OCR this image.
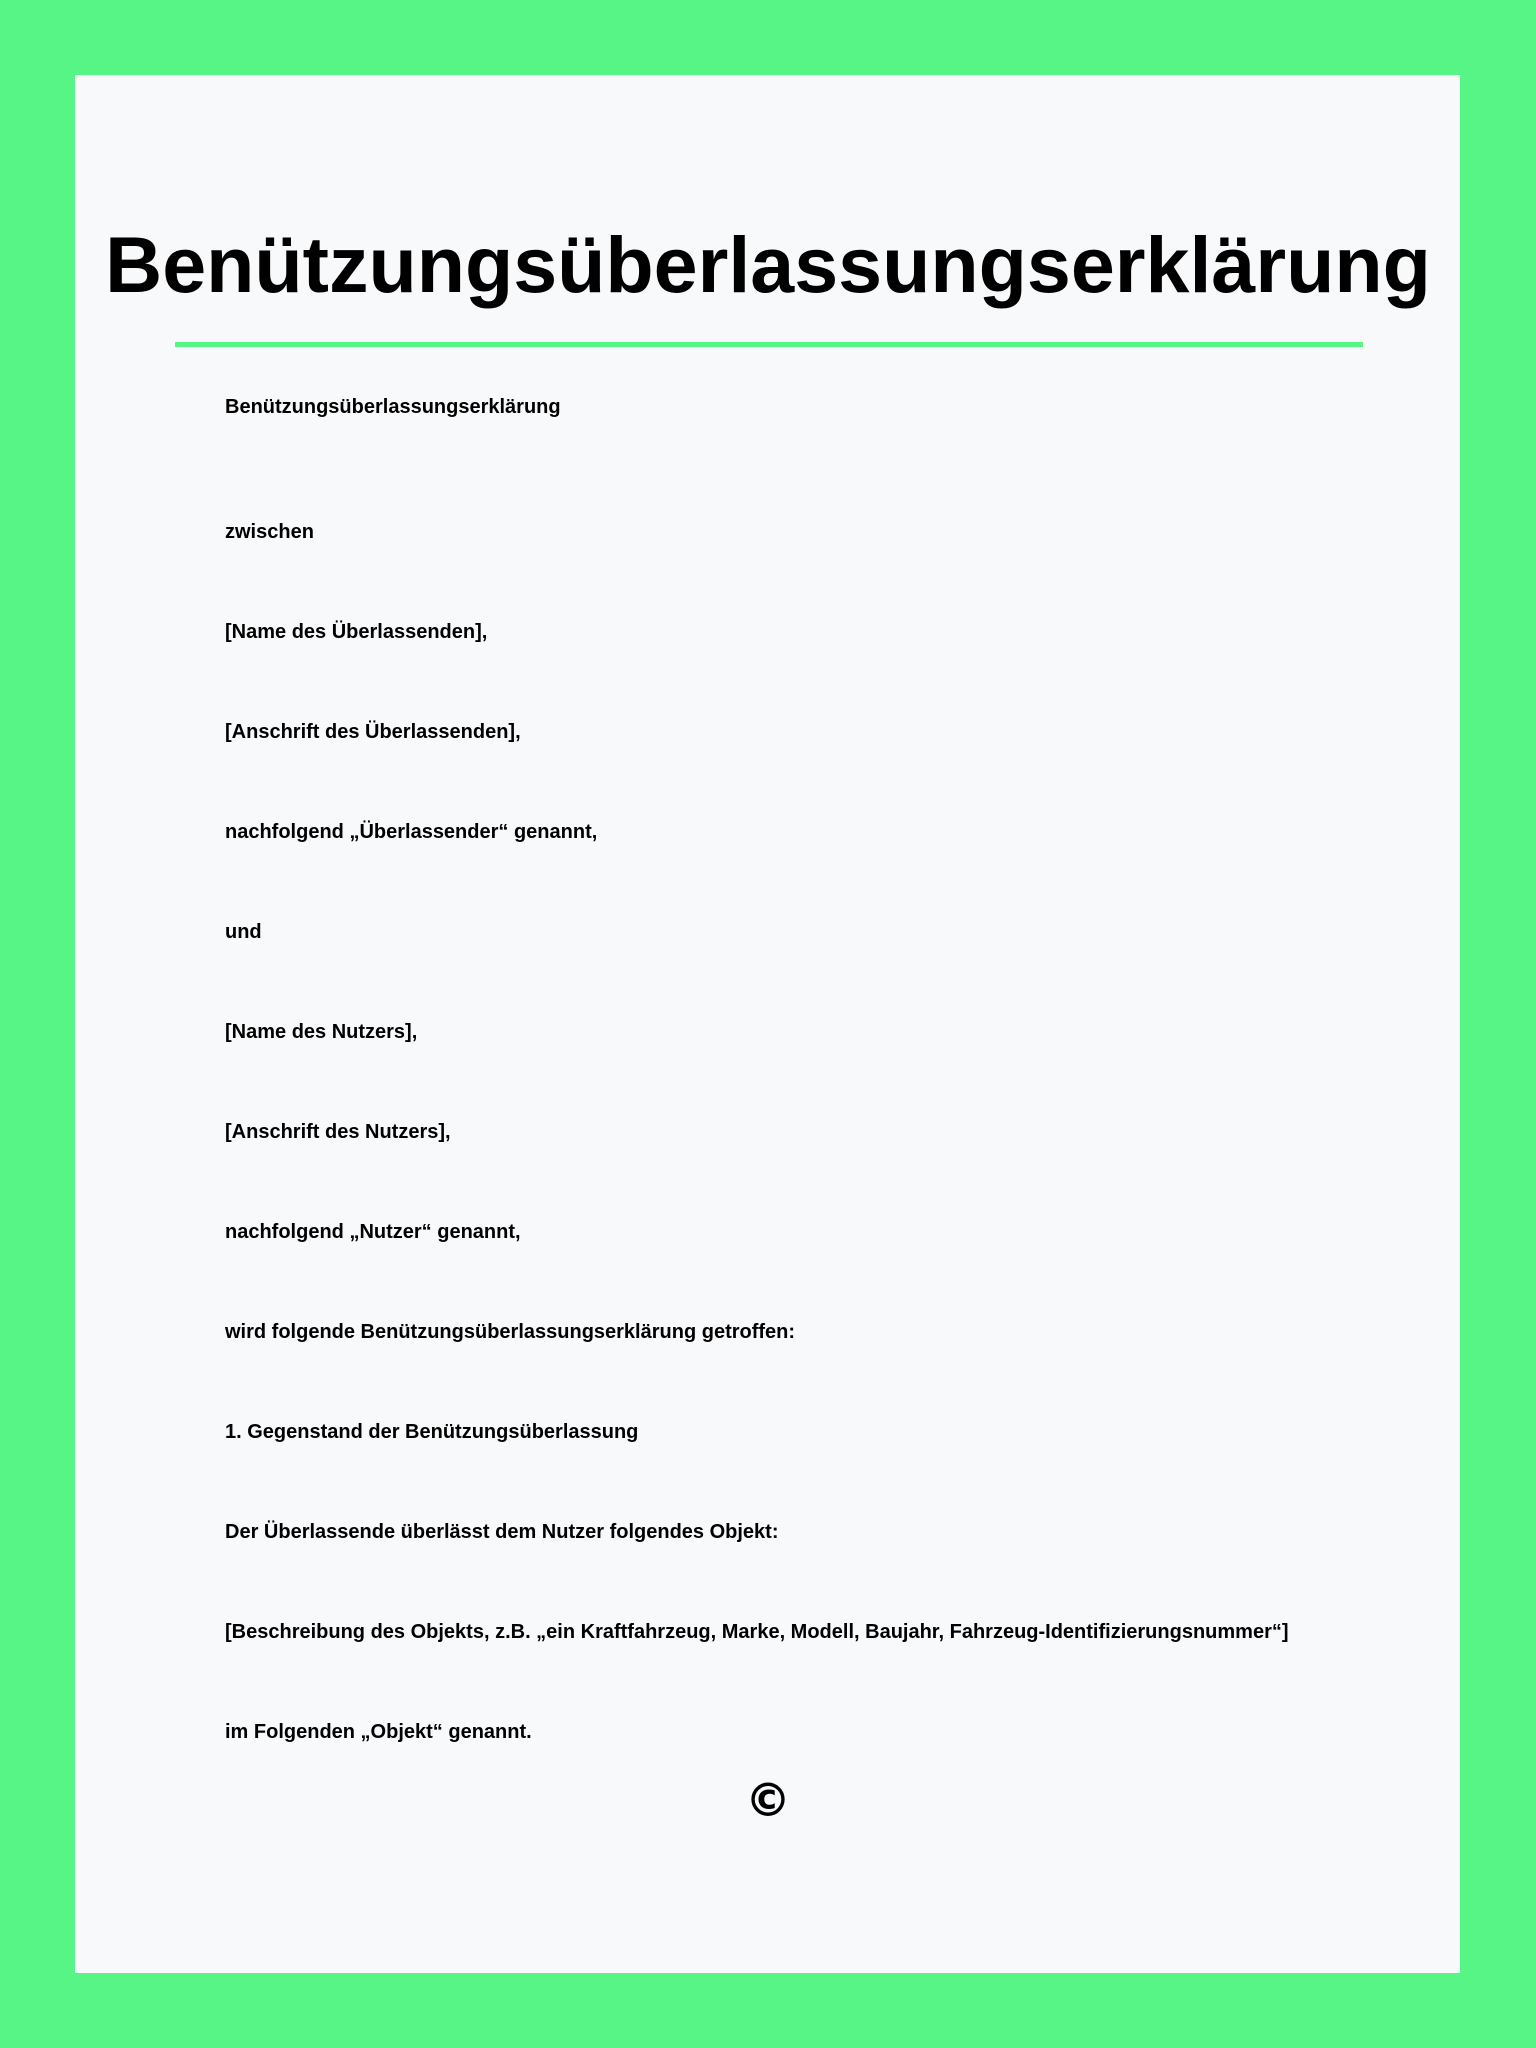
Benützungsüberlassungserklärung

Benützungsüberlassungserklärung

zwischen

[Name des Überlassenden],

[Anschrift des Überlassenden],

nachfolgend „Überlassender“ genannt,

und

[Name des Nutzers],

[Anschrift des Nutzers],

nachfolgend „Nutzer“ genannt,

wird folgende Benützungsüberlassungserklärung getroffen:

1. Gegenstand der Benützungsüberlassung

Der Überlassende überlässt dem Nutzer folgendes Objekt:

[Beschreibung des Objekts, z.B. „ein Kraftfahrzeug, Marke, Modell, Baujahr, Fahrzeug-Identifizierungsnummer“]

im Folgenden „Objekt“ genannt.

©
